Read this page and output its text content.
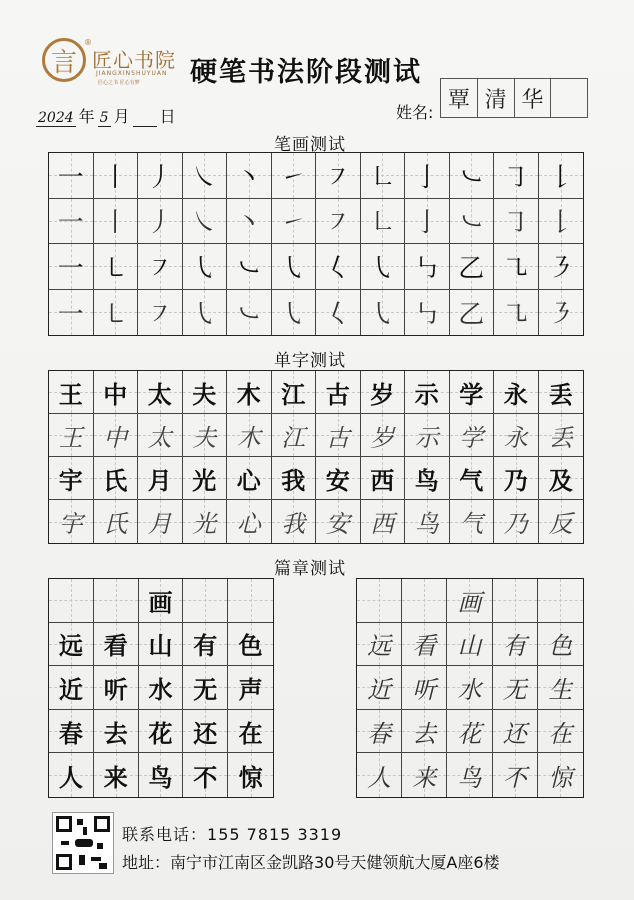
言
®
匠心书院
JIANGXINSHUYUAN
匠心之书 匠心有梦 硬笔书法阶段测试
2024 年 5 月 日	姓名: 覃 清 华
笔画测试
一 丨 丿 ㇏ 丶 ㇀ ㇇ ㇗ 亅 ㇃ ㇆ 𠄌
一 丨 丿 ㇏ 丶 ㇀ ㇇ ㇗ 亅 ㇃ ㇆ 𠄌
一 ㇄ ㇇ ㇂ ㇃ ㇂ 𡿨 ㇂ ㇉ 乙 ㇈ ㇋
一 ㇄ ㇇ ㇂ ㇃ ㇂ 𡿨 ㇂ ㇉ 乙 ㇈ ㇋
单字测试
王 中 太 夫 木 江 古 岁 示 学 永 丢
王 中 太 夫 木 江 古 岁 示 学 永 丢
宇 氏 月 光 心 我 安 西 鸟 气 乃 及
宇 氏 月 光 心 我 安 西 鸟 气 乃 反
篇章测试
画
远 看 山 有 色
近 听 水 无 声
春 去 花 还 在
人 来 鸟 不 惊
画
远 看 山 有 色
近 听 水 无 生
春 去 花 还 在
人 来 鸟 不 惊
联系电话：155 7815 3319
地址：南宁市江南区金凯路30号天健领航大厦A座6楼
